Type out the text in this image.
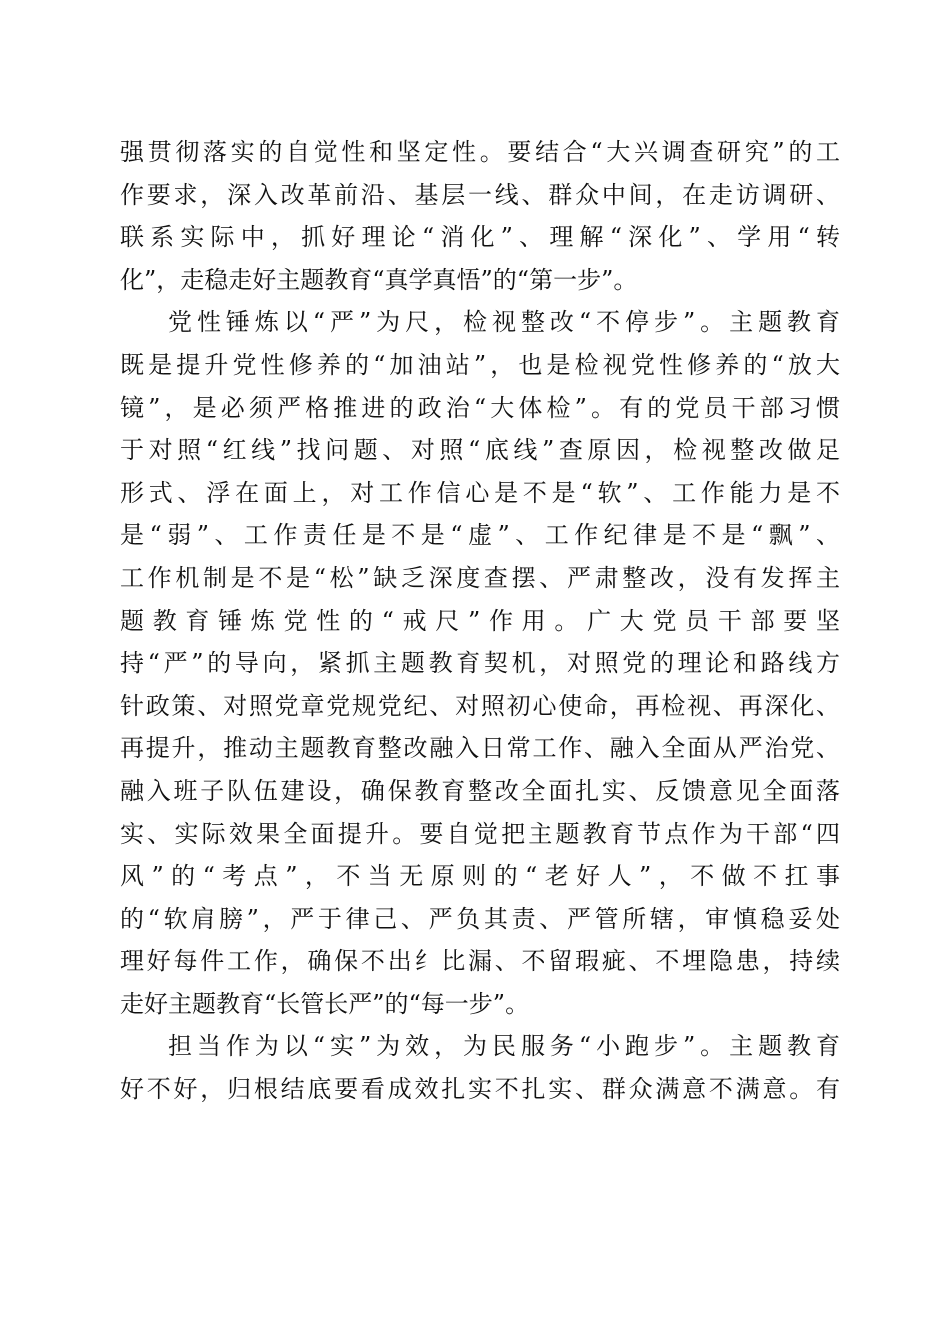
强贯彻落实的自觉性和坚定性。要结合“大兴调查研究”的工
作要求，深入改革前沿、基层一线、群众中间，在走访调研、
联系实际中，抓好理论“消化”、理解“深化”、学用“转
化”，走稳走好主题教育“真学真悟”的“第一步”。
党性锤炼以“严”为尺，检视整改“不停步”。主题教育
既是提升党性修养的“加油站”，也是检视党性修养的“放大
镜”，是必须严格推进的政治“大体检”。有的党员干部习惯
于对照“红线”找问题、对照“底线”查原因，检视整改做足
形式、浮在面上，对工作信心是不是“软”、工作能力是不
是“弱”、工作责任是不是“虚”、工作纪律是不是“飘”、
工作机制是不是“松”缺乏深度查摆、严肃整改，没有发挥主
题教育锤炼党性的“戒尺”作用。广大党员干部要坚
持“严”的导向，紧抓主题教育契机，对照党的理论和路线方
针政策、对照党章党规党纪、对照初心使命，再检视、再深化、
再提升，推动主题教育整改融入日常工作、融入全面从严治党、
融入班子队伍建设，确保教育整改全面扎实、反馈意见全面落
实、实际效果全面提升。要自觉把主题教育节点作为干部“四
风”的“考点”，不当无原则的“老好人”，不做不扛事
的“软肩膀”，严于律己、严负其责、严管所辖，审慎稳妥处
理好每件工作，确保不出纟比漏、不留瑕疵、不埋隐患，持续
走好主题教育“长管长严”的“每一步”。
担当作为以“实”为效，为民服务“小跑步”。主题教育
好不好，归根结底要看成效扎实不扎实、群众满意不满意。有
